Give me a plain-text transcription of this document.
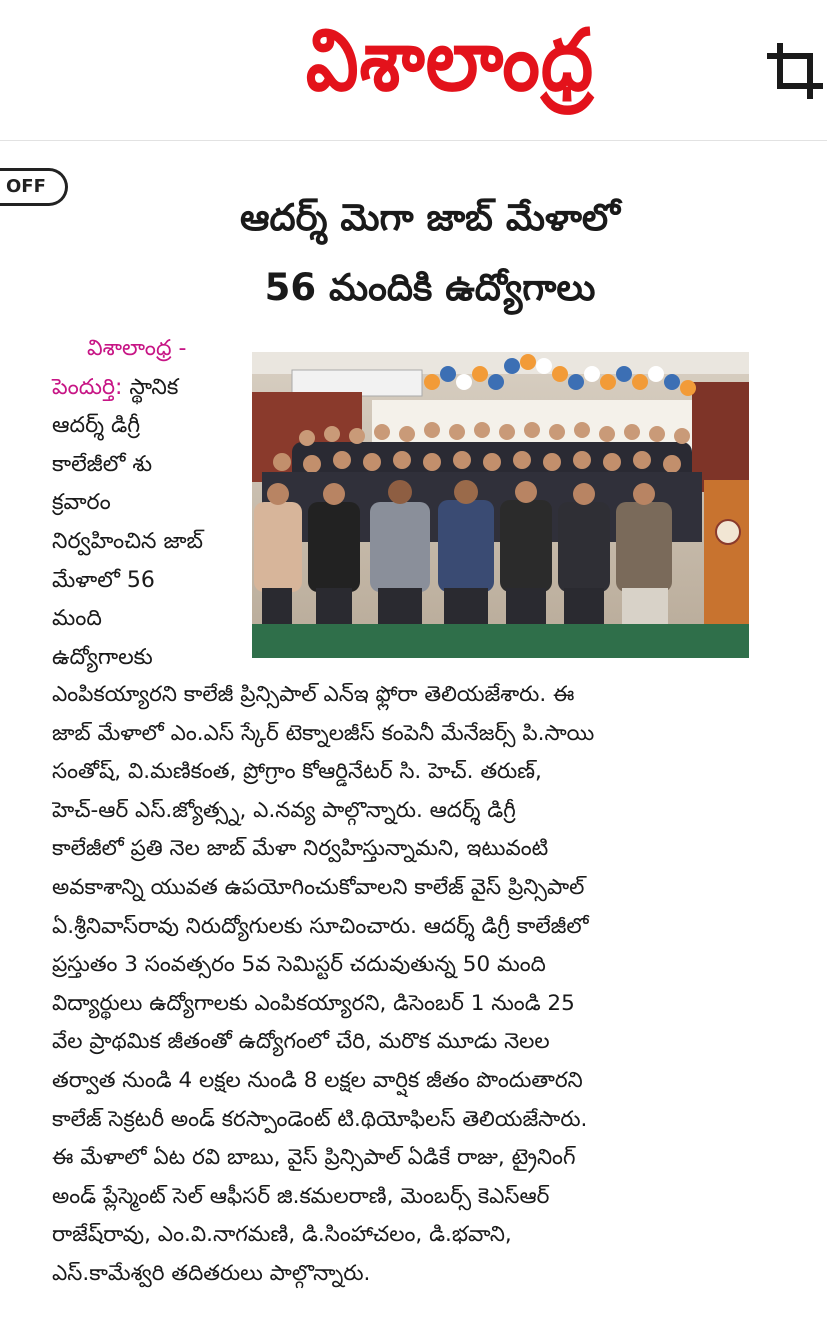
విశాలాంధ్ర
OFF
ఆదర్శ్ మెగా జాబ్ మేళాలో
56 మందికి ఉద్యోగాలు
విశాలాంధ్ర -
పెందుర్తి: స్థానిక
ఆదర్శ్ డిగ్రీ
కాలేజీలో శు
క్రవారం
నిర్వహించిన జాబ్
మేళాలో 56
మంది
ఉద్యోగాలకు
ఎంపికయ్యారని కాలేజీ ప్రిన్సిపాల్ ఎన్ఇ ఫ్లోరా తెలియజేశారు. ఈ
జాబ్ మేళాలో ఎం.ఎస్ స్కేర్ టెక్నాలజీస్ కంపెనీ మేనేజర్స్ పి.సాయి
సంతోష్, వి.మణికంత, ప్రోగ్రాం కోఆర్డినేటర్ సి. హెచ్. తరుణ్,
హెచ్-ఆర్ ఎస్.జ్యోత్స్న, ఎ.నవ్య పాల్గొన్నారు. ఆదర్శ్ డిగ్రీ
కాలేజీలో ప్రతి నెల జాబ్ మేళా నిర్వహిస్తున్నామని, ఇటువంటి
అవకాశాన్ని యువత ఉపయోగించుకోవాలని కాలేజ్ వైస్ ప్రిన్సిపాల్
ఏ.శ్రీనివాస్‌రావు నిరుద్యోగులకు సూచించారు. ఆదర్శ్ డిగ్రీ కాలేజీలో
ప్రస్తుతం 3 సంవత్సరం 5వ సెమిస్టర్ చదువుతున్న 50 మంది
విద్యార్థులు ఉద్యోగాలకు ఎంపికయ్యారని, డిసెంబర్ 1 నుండి 25
వేల ప్రాథమిక జీతంతో ఉద్యోగంలో చేరి, మరొక మూడు నెలల
తర్వాత నుండి 4 లక్షల నుండి 8 లక్షల వార్షిక జీతం పొందుతారని
కాలేజ్ సెక్రటరీ అండ్ కరస్పాండెంట్ టి.థియోఫిలస్ తెలియజేసారు.
ఈ మేళాలో ఏట రవి బాబు, వైస్ ప్రిన్సిపాల్ ఏడికే రాజు, ట్రైనింగ్
అండ్ ప్లేస్మెంట్ సెల్ ఆఫీసర్ జి.కమలరాణి, మెంబర్స్ కెఎస్ఆర్
రాజేష్‌రావు, ఎం.వి.నాగమణి, డి.సింహాచలం, డి.భవాని,
ఎస్.కామేశ్వరి తదితరులు పాల్గొన్నారు.
